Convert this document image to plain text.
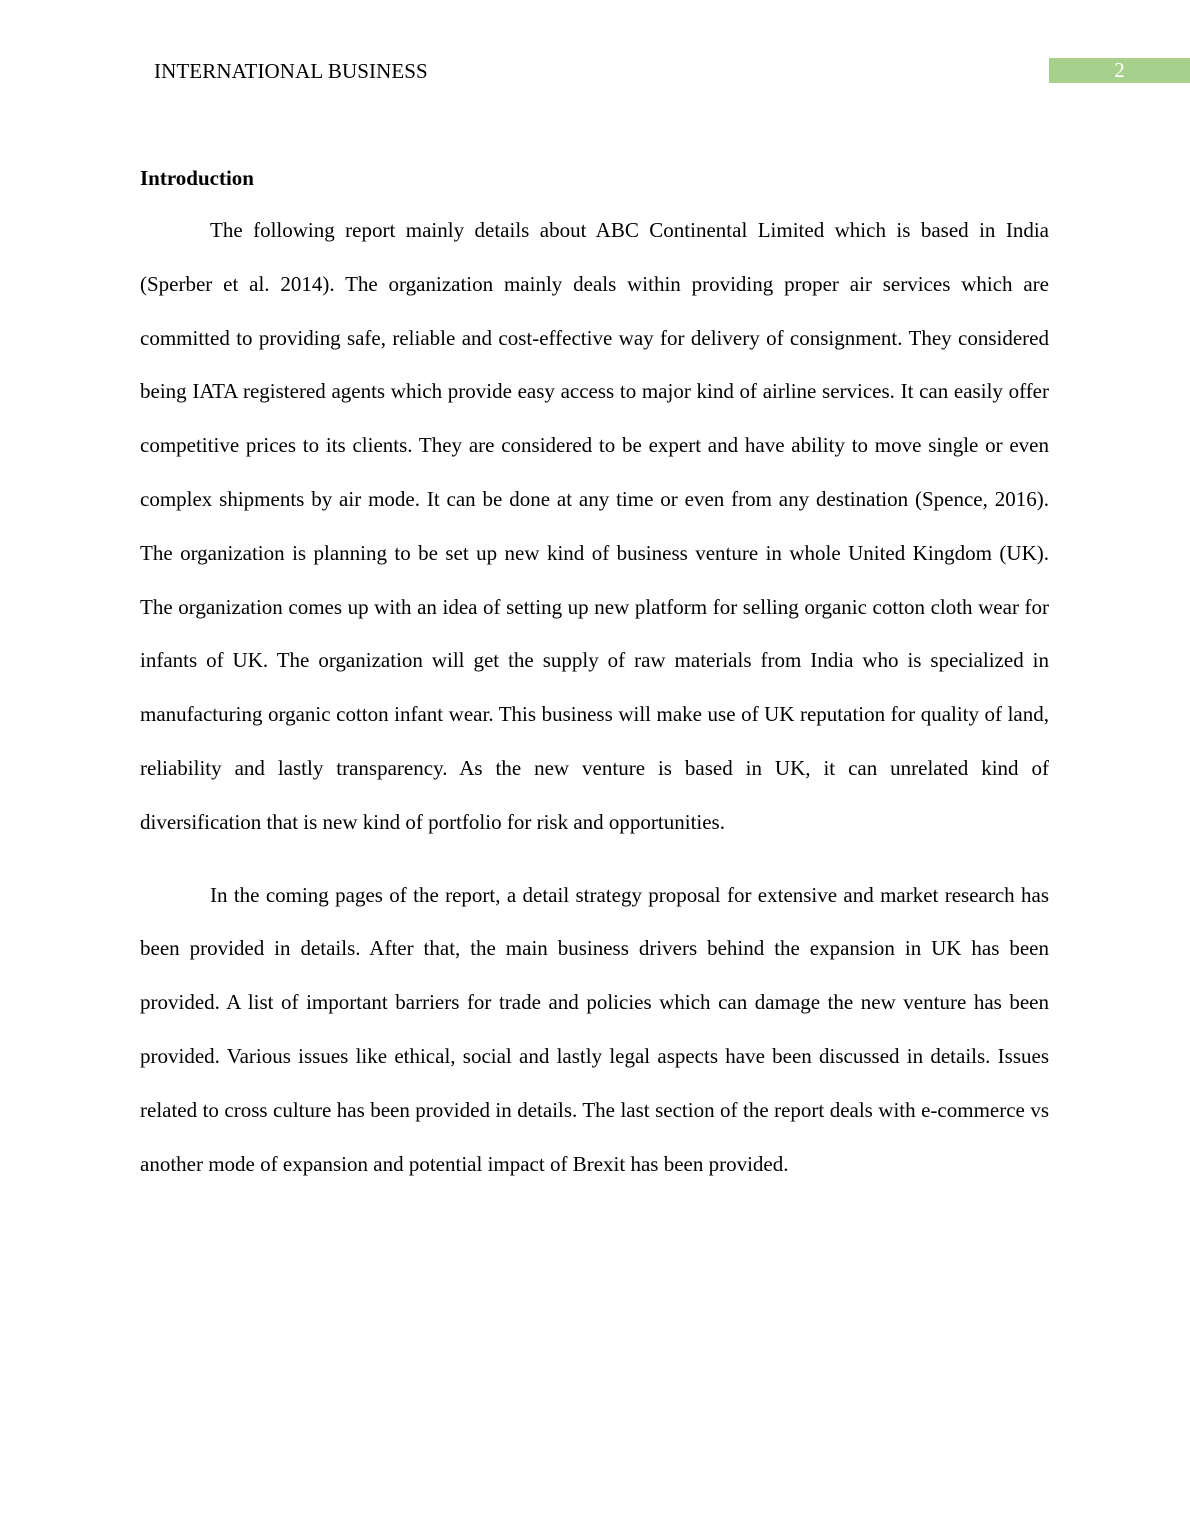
INTERNATIONAL BUSINESS	2
Introduction

The following report mainly details about ABC Continental Limited which is based in India (Sperber et al. 2014). The organization mainly deals within providing proper air services which are committed to providing safe, reliable and cost-effective way for delivery of consignment. They considered being IATA registered agents which provide easy access to major kind of airline services. It can easily offer competitive prices to its clients. They are considered to be expert and have ability to move single or even complex shipments by air mode. It can be done at any time or even from any destination (Spence, 2016). The organization is planning to be set up new kind of business venture in whole United Kingdom (UK). The organization comes up with an idea of setting up new platform for selling organic cotton cloth wear for infants of UK. The organization will get the supply of raw materials from India who is specialized in manufacturing organic cotton infant wear. This business will make use of UK reputation for quality of land, reliability and lastly transparency. As the new venture is based in UK, it can unrelated kind of diversification that is new kind of portfolio for risk and opportunities.

In the coming pages of the report, a detail strategy proposal for extensive and market research has been provided in details. After that, the main business drivers behind the expansion in UK has been provided. A list of important barriers for trade and policies which can damage the new venture has been provided. Various issues like ethical, social and lastly legal aspects have been discussed in details. Issues related to cross culture has been provided in details. The last section of the report deals with e-commerce vs another mode of expansion and potential impact of Brexit has been provided.
